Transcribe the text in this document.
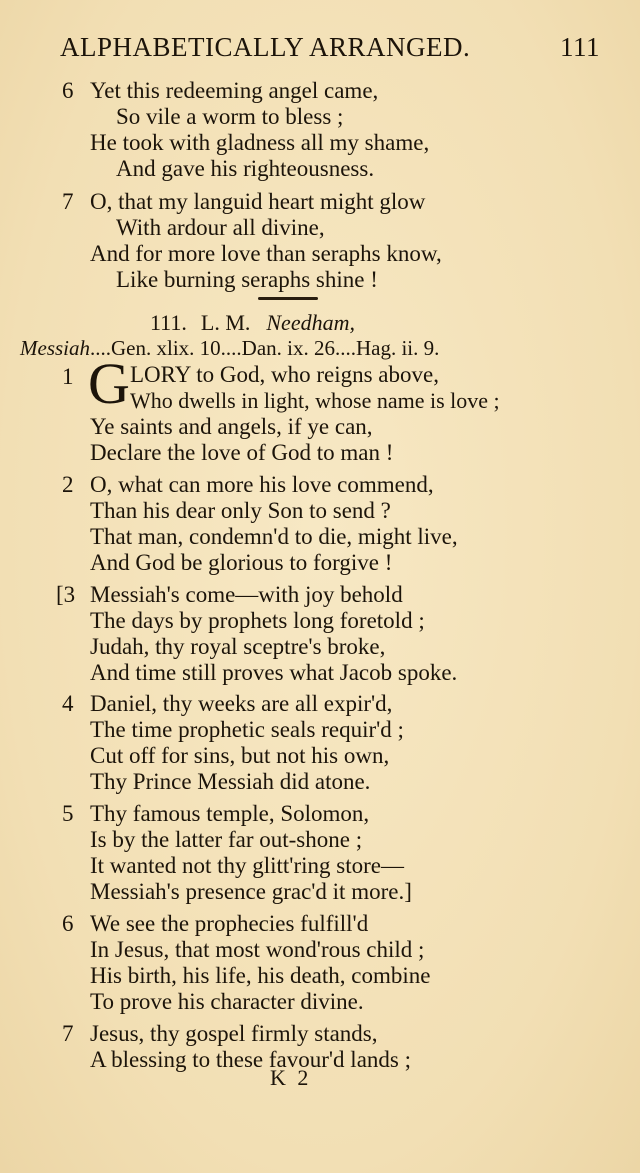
ALPHABETICALLY ARRANGED.	111
6 Yet this redeeming angel came,
So vile a worm to bless ;
He took with gladness all my shame,
And gave his righteousness.
7 O, that my languid heart might glow
With ardour all divine,
And for more love than seraphs know,
Like burning seraphs shine !
111. L. M. Needham,
Messiah....Gen. xlix. 10....Dan. ix. 26....Hag. ii. 9.
1 G LORY to God, who reigns above,
Who dwells in light, whose name is love ;
Ye saints and angels, if ye can,
Declare the love of God to man !
2 O, what can more his love commend,
Than his dear only Son to send ?
That man, condemn'd to die, might live,
And God be glorious to forgive !
[3 Messiah's come—with joy behold
The days by prophets long foretold ;
Judah, thy royal sceptre's broke,
And time still proves what Jacob spoke.
4 Daniel, thy weeks are all expir'd,
The time prophetic seals requir'd ;
Cut off for sins, but not his own,
Thy Prince Messiah did atone.
5 Thy famous temple, Solomon,
Is by the latter far out-shone ;
It wanted not thy glitt'ring store—
Messiah's presence grac'd it more.]
6 We see the prophecies fulfill'd
In Jesus, that most wond'rous child ;
His birth, his life, his death, combine
To prove his character divine.
7 Jesus, thy gospel firmly stands,
A blessing to these favour'd lands ;
K 2
